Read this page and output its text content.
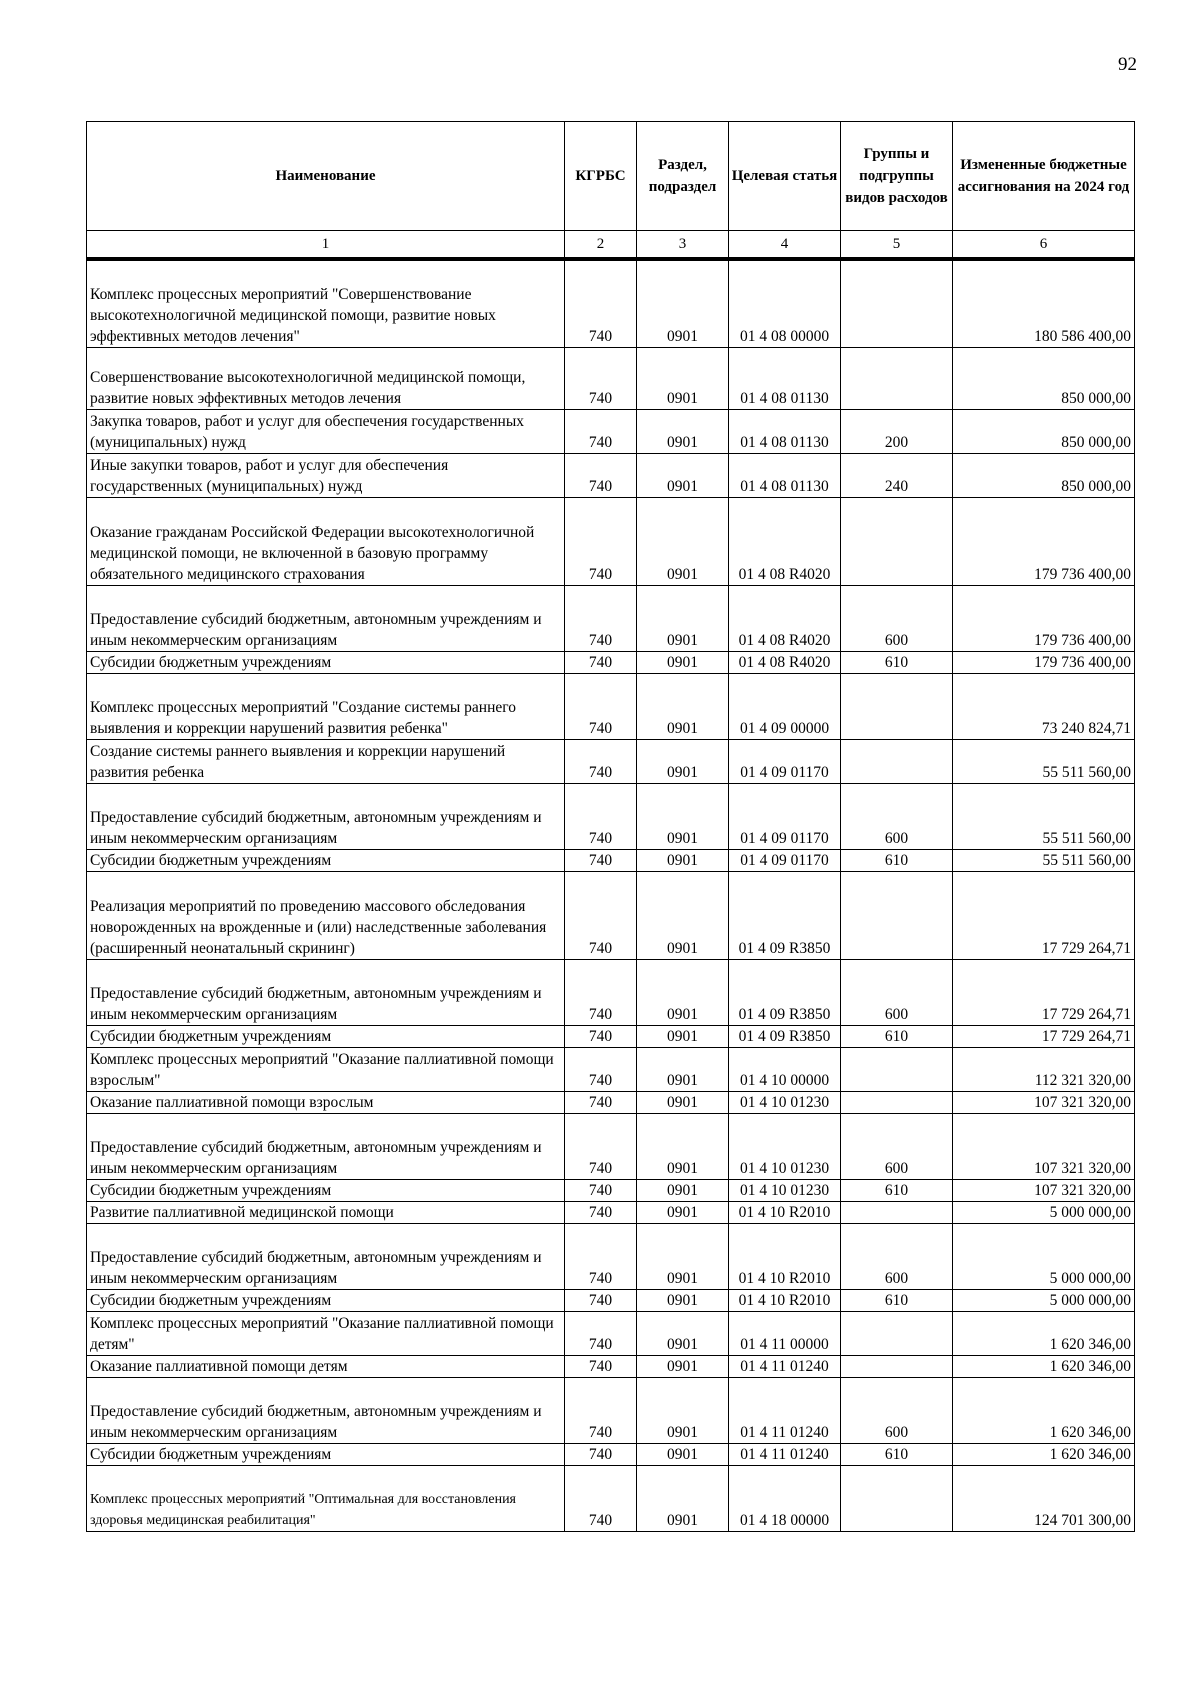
92
Наименование	КГРБС	Раздел, подраздел	Целевая статья	Группы и подгруппы видов расходов	Измененные бюджетные ассигнования на 2024 год
1	2	3	4	5	6
Комплекс процессных мероприятий "Совершенствование высокотехнологичной медицинской помощи, развитие новых эффективных методов лечения"	740	0901	01 4 08 00000		180 586 400,00
Совершенствование высокотехнологичной медицинской помощи, развитие новых эффективных методов лечения	740	0901	01 4 08 01130		850 000,00
Закупка товаров, работ и услуг для обеспечения государственных (муниципальных) нужд	740	0901	01 4 08 01130	200	850 000,00
Иные закупки товаров, работ и услуг для обеспечения государственных (муниципальных) нужд	740	0901	01 4 08 01130	240	850 000,00
Оказание гражданам Российской Федерации высокотехнологичной медицинской помощи, не включенной в базовую программу обязательного медицинского страхования	740	0901	01 4 08 R4020		179 736 400,00
Предоставление субсидий бюджетным, автономным учреждениям и иным некоммерческим организациям	740	0901	01 4 08 R4020	600	179 736 400,00
Субсидии бюджетным учреждениям	740	0901	01 4 08 R4020	610	179 736 400,00
Комплекс процессных мероприятий "Создание системы раннего выявления и коррекции нарушений развития ребенка"	740	0901	01 4 09 00000		73 240 824,71
Создание системы раннего выявления и коррекции нарушений развития ребенка	740	0901	01 4 09 01170		55 511 560,00
Предоставление субсидий бюджетным, автономным учреждениям и иным некоммерческим организациям	740	0901	01 4 09 01170	600	55 511 560,00
Субсидии бюджетным учреждениям	740	0901	01 4 09 01170	610	55 511 560,00
Реализация мероприятий по проведению массового обследования новорожденных на врожденные и (или) наследственные заболевания (расширенный неонатальный скрининг)	740	0901	01 4 09 R3850		17 729 264,71
Предоставление субсидий бюджетным, автономным учреждениям и иным некоммерческим организациям	740	0901	01 4 09 R3850	600	17 729 264,71
Субсидии бюджетным учреждениям	740	0901	01 4 09 R3850	610	17 729 264,71
Комплекс процессных мероприятий "Оказание паллиативной помощи взрослым"	740	0901	01 4 10 00000		112 321 320,00
Оказание паллиативной помощи взрослым	740	0901	01 4 10 01230		107 321 320,00
Предоставление субсидий бюджетным, автономным учреждениям и иным некоммерческим организациям	740	0901	01 4 10 01230	600	107 321 320,00
Субсидии бюджетным учреждениям	740	0901	01 4 10 01230	610	107 321 320,00
Развитие паллиативной медицинской помощи	740	0901	01 4 10 R2010		5 000 000,00
Предоставление субсидий бюджетным, автономным учреждениям и иным некоммерческим организациям	740	0901	01 4 10 R2010	600	5 000 000,00
Субсидии бюджетным учреждениям	740	0901	01 4 10 R2010	610	5 000 000,00
Комплекс процессных мероприятий "Оказание паллиативной помощи детям"	740	0901	01 4 11 00000		1 620 346,00
Оказание паллиативной помощи детям	740	0901	01 4 11 01240		1 620 346,00
Предоставление субсидий бюджетным, автономным учреждениям и иным некоммерческим организациям	740	0901	01 4 11 01240	600	1 620 346,00
Субсидии бюджетным учреждениям	740	0901	01 4 11 01240	610	1 620 346,00
Комплекс процессных мероприятий "Оптимальная для восстановления здоровья медицинская реабилитация"	740	0901	01 4 18 00000		124 701 300,00
